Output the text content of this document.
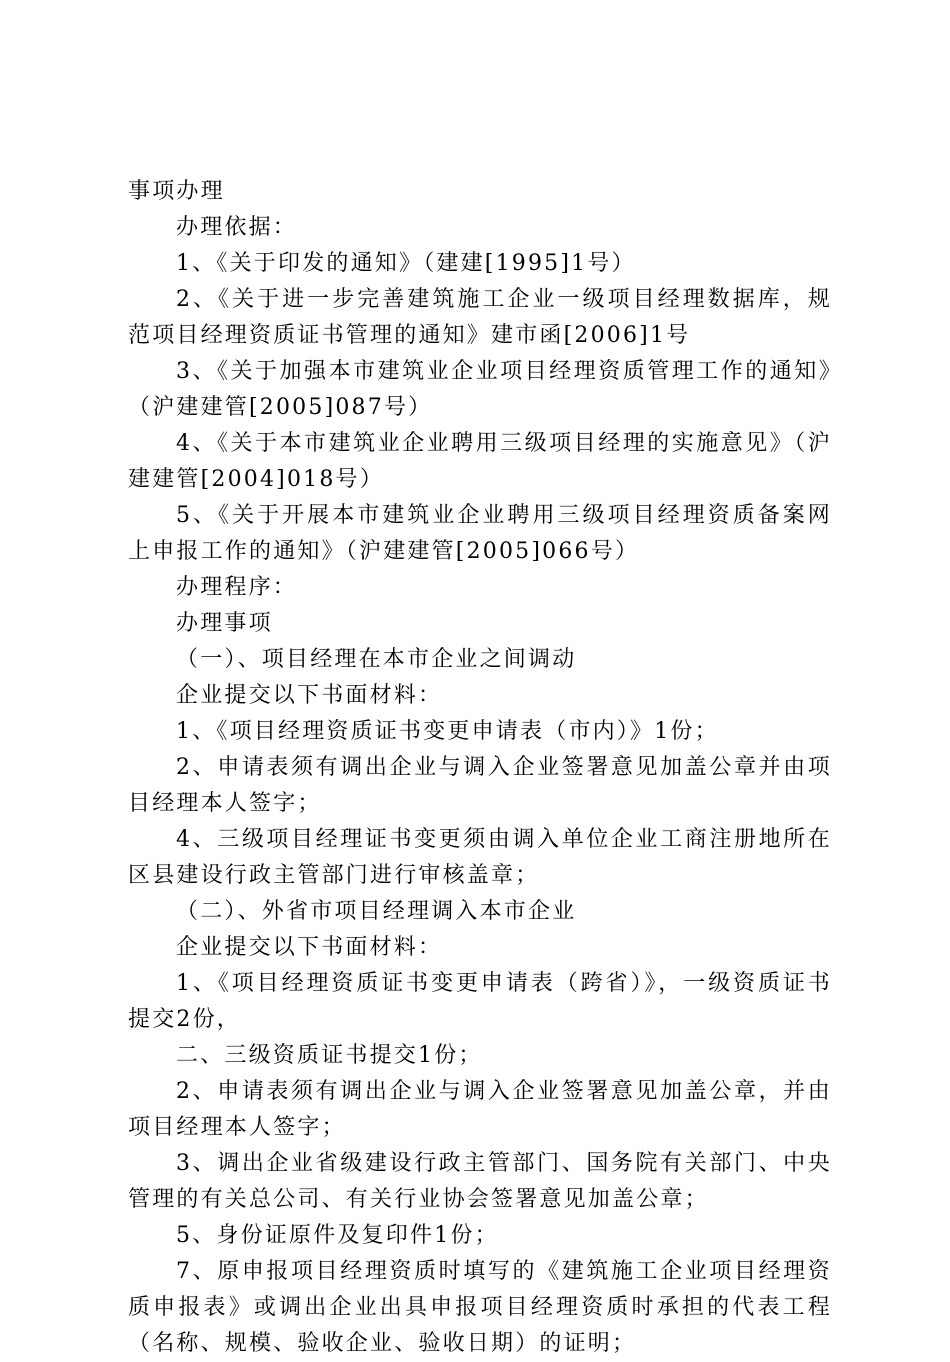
事项办理

办理依据：

1、《关于印发的通知》（建建[1995]1号）

2、《关于进一步完善建筑施工企业一级项目经理数据库，规范项目经理资质证书管理的通知》建市函[2006]1号

3、《关于加强本市建筑业企业项目经理资质管理工作的通知》（沪建建管[2005]087号）

4、《关于本市建筑业企业聘用三级项目经理的实施意见》（沪建建管[2004]018号）

5、《关于开展本市建筑业企业聘用三级项目经理资质备案网上申报工作的通知》（沪建建管[2005]066号）

办理程序：

办理事项

（一）、项目经理在本市企业之间调动

企业提交以下书面材料：

1、《项目经理资质证书变更申请表（市内）》1份；

2、申请表须有调出企业与调入企业签署意见加盖公章并由项目经理本人签字；

4、三级项目经理证书变更须由调入单位企业工商注册地所在区县建设行政主管部门进行审核盖章；

（二）、外省市项目经理调入本市企业

企业提交以下书面材料：

1、《项目经理资质证书变更申请表（跨省）》，一级资质证书提交2份，

二、三级资质证书提交1份；

2、申请表须有调出企业与调入企业签署意见加盖公章，并由项目经理本人签字；

3、调出企业省级建设行政主管部门、国务院有关部门、中央管理的有关总公司、有关行业协会签署意见加盖公章；

5、身份证原件及复印件1份；

7、原申报项目经理资质时填写的《建筑施工企业项目经理资质申报表》或调出企业出具申报项目经理资质时承担的代表工程（名称、规模、验收企业、验收日期）的证明；
